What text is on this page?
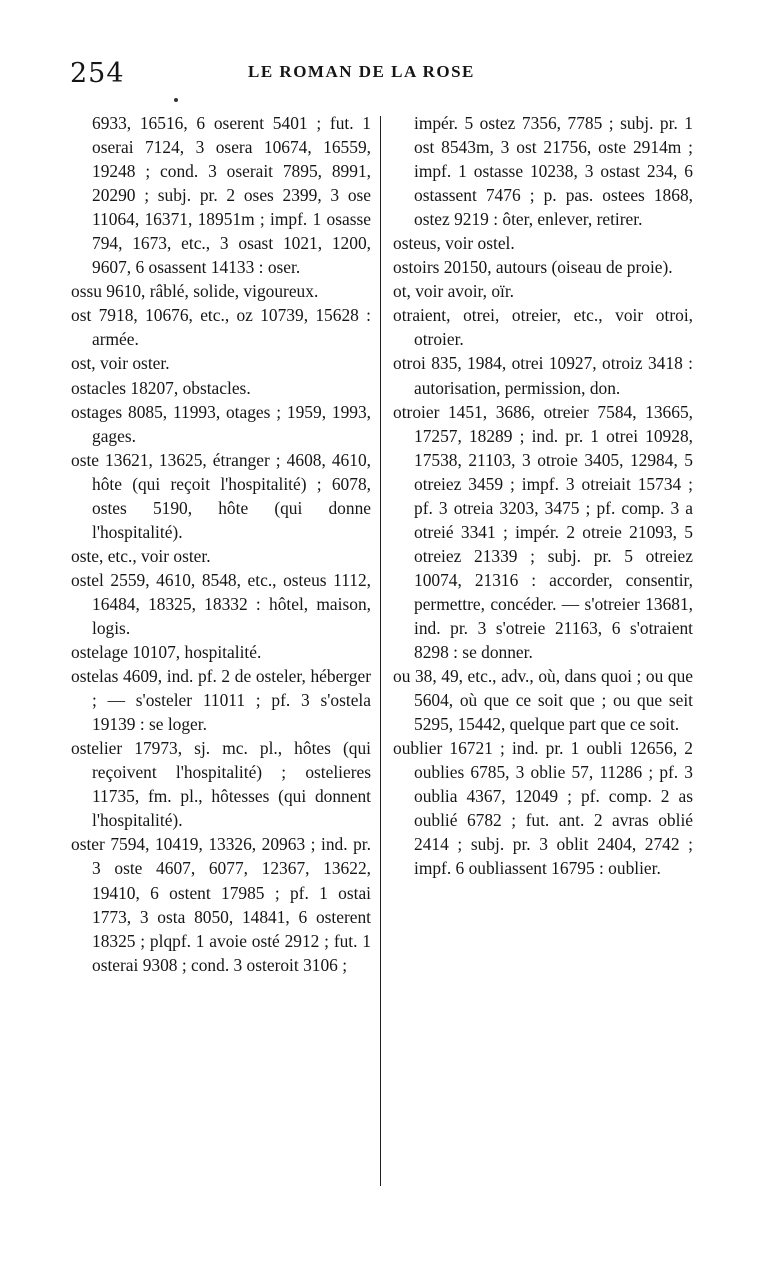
254	LE ROMAN DE LA ROSE
6933, 16516, 6 oserent 5401 ; fut. 1 oserai 7124, 3 osera 10674, 16559, 19248 ; cond. 3 oserait 7895, 8991, 20290 ; subj. pr. 2 oses 2399, 3 ose 11064, 16371, 18951m ; impf. 1 osasse 794, 1673, etc., 3 osast 1021, 1200, 9607, 6 osassent 14133 : oser.
ossu 9610, râblé, solide, vigoureux.
ost 7918, 10676, etc., oz 10739, 15628 : armée.
ost, voir oster.
ostacles 18207, obstacles.
ostages 8085, 11993, otages ; 1959, 1993, gages.
oste 13621, 13625, étranger ; 4608, 4610, hôte (qui reçoit l'hospitalité) ; 6078, ostes 5190, hôte (qui donne l'hospitalité).
oste, etc., voir oster.
ostel 2559, 4610, 8548, etc., osteus 1112, 16484, 18325, 18332 : hôtel, maison, logis.
ostelage 10107, hospitalité.
ostelas 4609, ind. pf. 2 de osteler, héberger ; — s'osteler 11011 ; pf. 3 s'ostela 19139 : se loger.
ostelier 17973, sj. mc. pl., hôtes (qui reçoivent l'hospitalité) ; ostelieres 11735, fm. pl., hôtesses (qui donnent l'hospitalité).
oster 7594, 10419, 13326, 20963 ; ind. pr. 3 oste 4607, 6077, 12367, 13622, 19410, 6 ostent 17985 ; pf. 1 ostai 1773, 3 osta 8050, 14841, 6 osterent 18325 ; plqpf. 1 avoie osté 2912 ; fut. 1 osterai 9308 ; cond. 3 osteroit 3106 ;
impér. 5 ostez 7356, 7785 ; subj. pr. 1 ost 8543m, 3 ost 21756, oste 2914m ; impf. 1 ostasse 10238, 3 ostast 234, 6 ostassent 7476 ; p. pas. ostees 1868, ostez 9219 : ôter, enlever, retirer.
osteus, voir ostel.
ostoirs 20150, autours (oiseau de proie).
ot, voir avoir, oïr.
otraient, otrei, otreier, etc., voir otroi, otroier.
otroi 835, 1984, otrei 10927, otroiz 3418 : autorisation, permission, don.
otroier 1451, 3686, otreier 7584, 13665, 17257, 18289 ; ind. pr. 1 otrei 10928, 17538, 21103, 3 otroie 3405, 12984, 5 otreiez 3459 ; impf. 3 otreiait 15734 ; pf. 3 otreia 3203, 3475 ; pf. comp. 3 a otreié 3341 ; impér. 2 otreie 21093, 5 otreiez 21339 ; subj. pr. 5 otreiez 10074, 21316 : accorder, consentir, permettre, concéder. — s'otreier 13681, ind. pr. 3 s'otreie 21163, 6 s'otraient 8298 : se donner.
ou 38, 49, etc., adv., où, dans quoi ; ou que 5604, où que ce soit que ; ou que seit 5295, 15442, quelque part que ce soit.
oublier 16721 ; ind. pr. 1 oubli 12656, 2 oublies 6785, 3 oblie 57, 11286 ; pf. 3 oublia 4367, 12049 ; pf. comp. 2 as oublié 6782 ; fut. ant. 2 avras oblié 2414 ; subj. pr. 3 oblit 2404, 2742 ; impf. 6 oubliassent 16795 : oublier.
